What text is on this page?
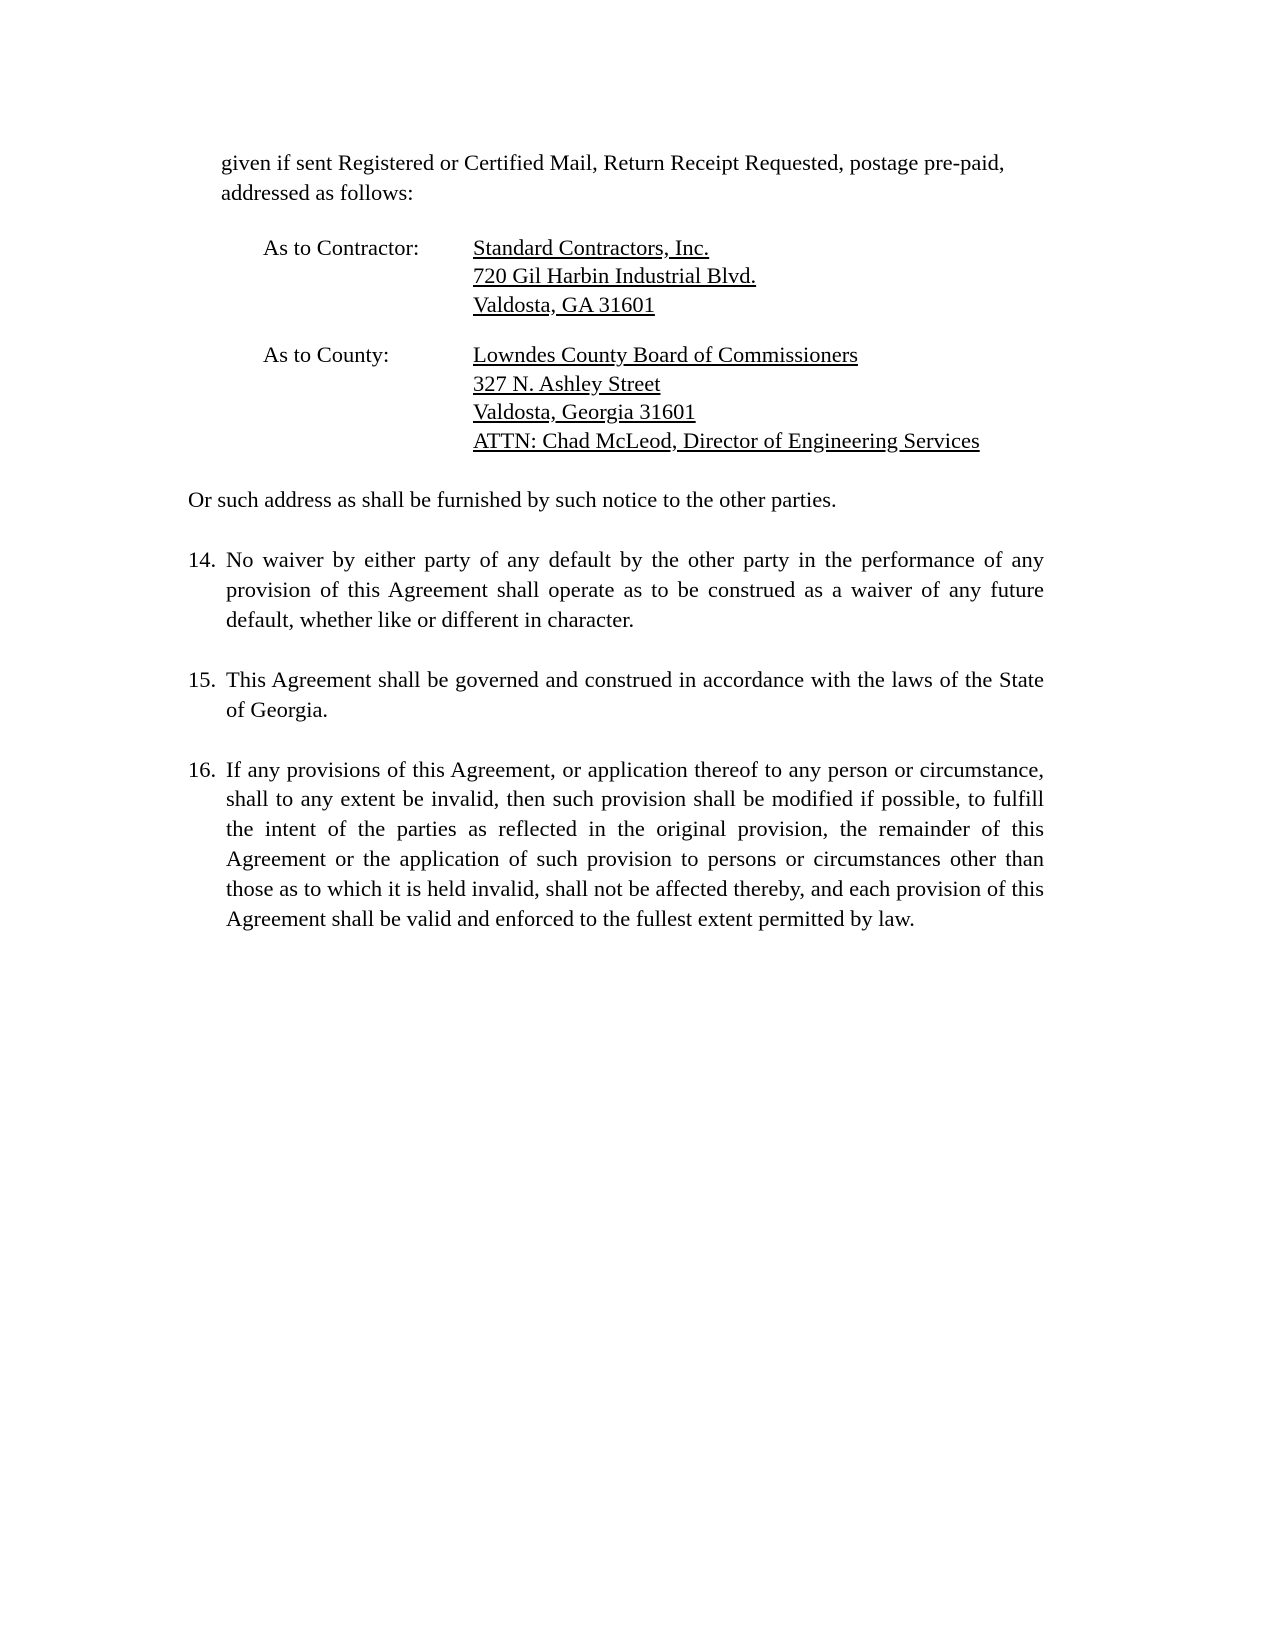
given if sent Registered or Certified Mail, Return Receipt Requested, postage pre-paid, addressed as follows:

As to Contractor:	Standard Contractors, Inc.
720 Gil Harbin Industrial Blvd.
Valdosta, GA 31601
As to County:	Lowndes County Board of Commissioners
327 N. Ashley Street
Valdosta, Georgia 31601
ATTN: Chad McLeod, Director of Engineering Services

Or such address as shall be furnished by such notice to the other parties.

14. No waiver by either party of any default by the other party in the performance of any provision of this Agreement shall operate as to be construed as a waiver of any future default, whether like or different in character.
15. This Agreement shall be governed and construed in accordance with the laws of the State of Georgia.
16. If any provisions of this Agreement, or application thereof to any person or circumstance, shall to any extent be invalid, then such provision shall be modified if possible, to fulfill the intent of the parties as reflected in the original provision, the remainder of this Agreement or the application of such provision to persons or circumstances other than those as to which it is held invalid, shall not be affected thereby, and each provision of this Agreement shall be valid and enforced to the fullest extent permitted by law.
